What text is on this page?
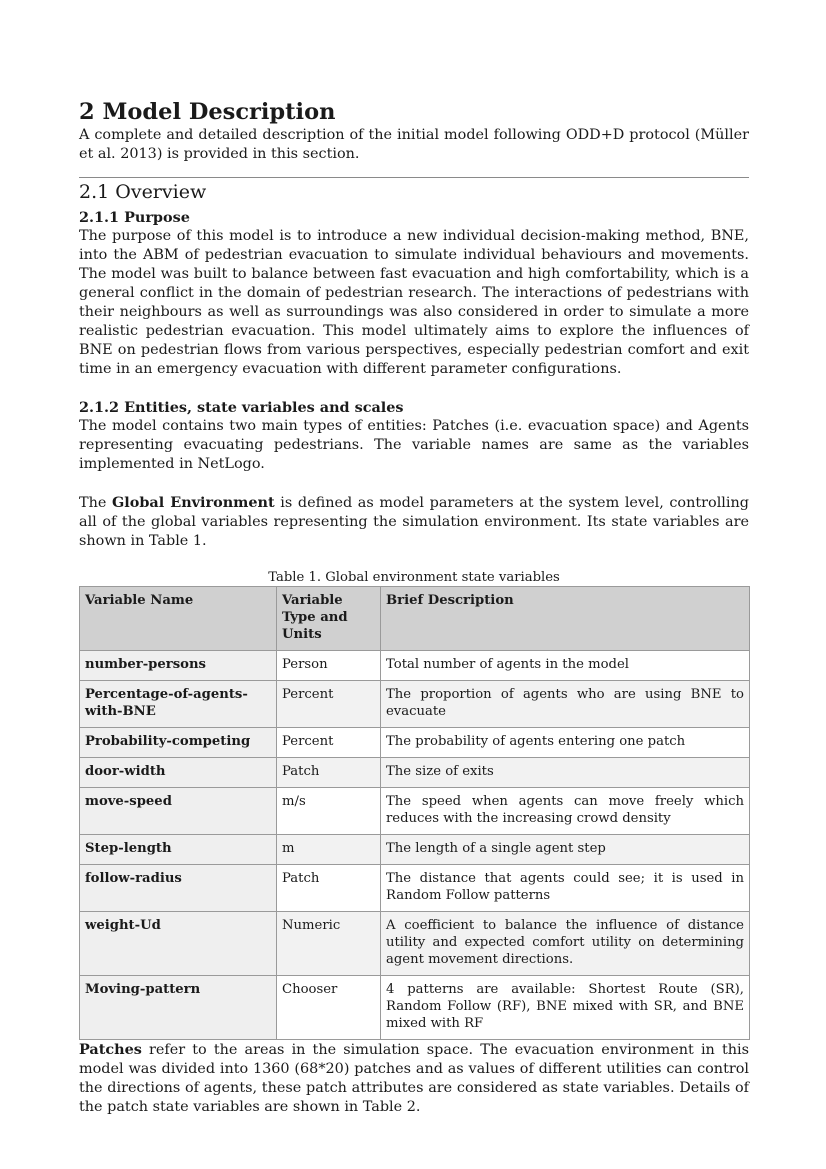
2 Model Description

A complete and detailed description of the initial model following ODD+D protocol (Müller et al. 2013) is provided in this section.

2.1 Overview
2.1.1 Purpose

The purpose of this model is to introduce a new individual decision-making method, BNE, into the ABM of pedestrian evacuation to simulate individual behaviours and movements. The model was built to balance between fast evacuation and high comfortability, which is a general conflict in the domain of pedestrian research. The interactions of pedestrians with their neighbours as well as surroundings was also considered in order to simulate a more realistic pedestrian evacuation. This model ultimately aims to explore the influences of BNE on pedestrian flows from various perspectives, especially pedestrian comfort and exit time in an emergency evacuation with different parameter configurations.

2.1.2 Entities, state variables and scales

The model contains two main types of entities: Patches (i.e. evacuation space) and Agents representing evacuating pedestrians. The variable names are same as the variables implemented in NetLogo.

The Global Environment is defined as model parameters at the system level, controlling all of the global variables representing the simulation environment. Its state variables are shown in Table 1.

Table 1. Global environment state variables
Variable Name	Variable Type and Units	Brief Description
number-persons	Person	Total number of agents in the model
Percentage-of-agents-with-BNE	Percent	The proportion of agents who are using BNE to evacuate
Probability-competing	Percent	The probability of agents entering one patch
door-width	Patch	The size of exits
move-speed	m/s	The speed when agents can move freely which reduces with the increasing crowd density
Step-length	m	The length of a single agent step
follow-radius	Patch	The distance that agents could see; it is used in Random Follow patterns
weight-Ud	Numeric	A coefficient to balance the influence of distance utility and expected comfort utility on determining agent movement directions.
Moving-pattern	Chooser	4 patterns are available: Shortest Route (SR), Random Follow (RF), BNE mixed with SR, and BNE mixed with RF

Patches refer to the areas in the simulation space. The evacuation environment in this model was divided into 1360 (68*20) patches and as values of different utilities can control the directions of agents, these patch attributes are considered as state variables. Details of the patch state variables are shown in Table 2.
